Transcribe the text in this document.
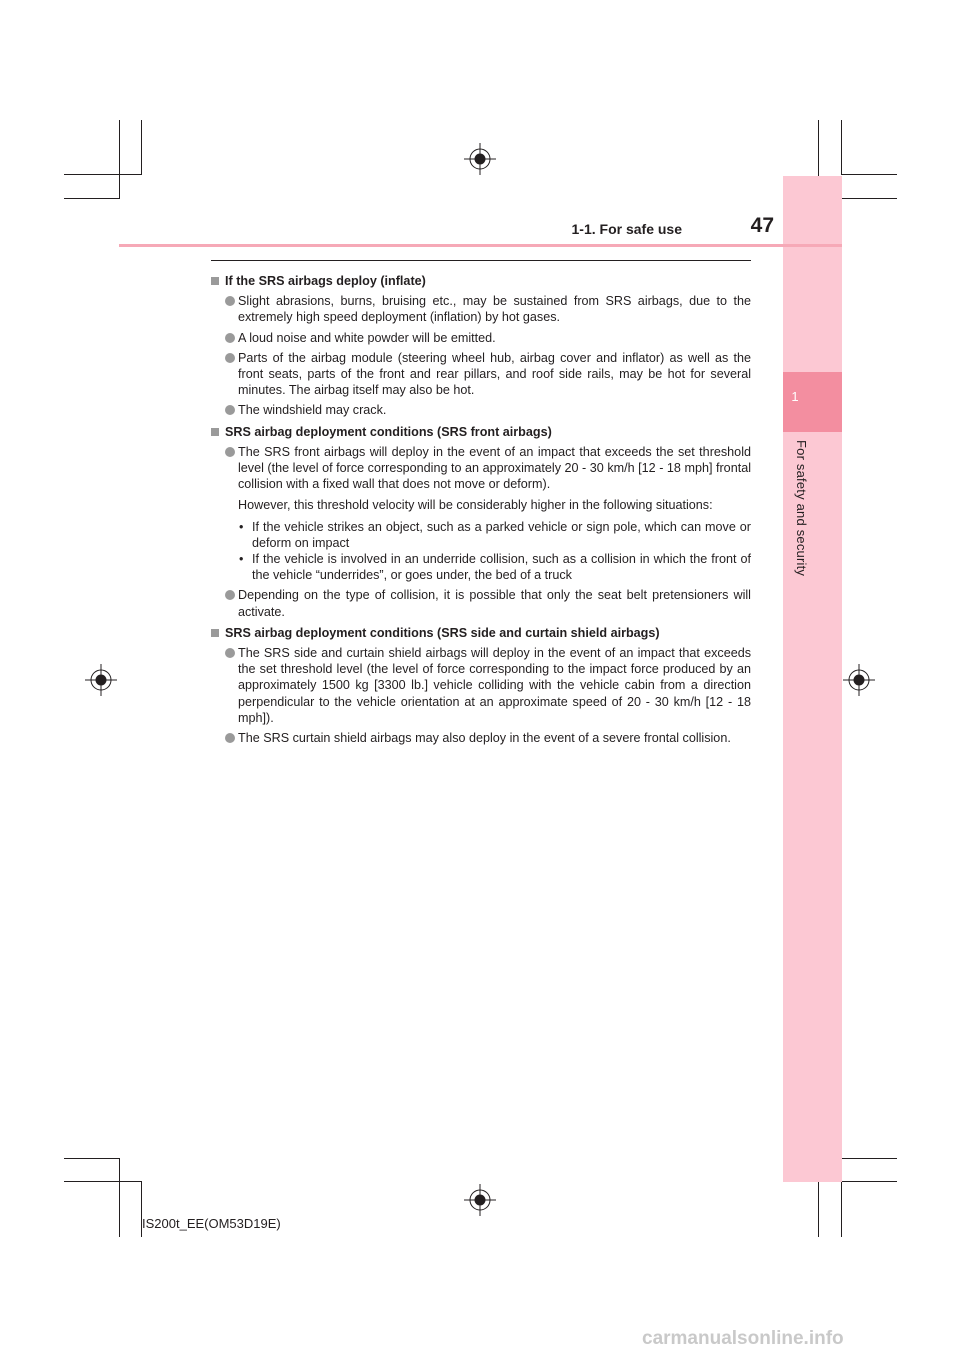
1
For safety and security
1-1. For safe use	47
If the SRS airbags deploy (inflate)
Slight abrasions, burns, bruising etc., may be sustained from SRS airbags, due to the extremely high speed deployment (inflation) by hot gases.
A loud noise and white powder will be emitted.
Parts of the airbag module (steering wheel hub, airbag cover and inflator) as well as the front seats, parts of the front and rear pillars, and roof side rails, may be hot for several minutes. The airbag itself may also be hot.
The windshield may crack.
SRS airbag deployment conditions (SRS front airbags)
The SRS front airbags will deploy in the event of an impact that exceeds the set threshold level (the level of force corresponding to an approximately 20 - 30 km/h [12 - 18 mph] frontal collision with a fixed wall that does not move or deform).
However, this threshold velocity will be considerably higher in the following situations:
• If the vehicle strikes an object, such as a parked vehicle or sign pole, which can move or deform on impact
• If the vehicle is involved in an underride collision, such as a collision in which the front of the vehicle “underrides”, or goes under, the bed of a truck
Depending on the type of collision, it is possible that only the seat belt pretensioners will activate.
SRS airbag deployment conditions (SRS side and curtain shield airbags)
The SRS side and curtain shield airbags will deploy in the event of an impact that exceeds the set threshold level (the level of force corresponding to the impact force produced by an approximately 1500 kg [3300 lb.] vehicle colliding with the vehicle cabin from a direction perpendicular to the vehicle orientation at an approximate speed of 20 - 30 km/h [12 - 18 mph]).
The SRS curtain shield airbags may also deploy in the event of a severe frontal collision.
IS200t_EE(OM53D19E)
carmanualsonline.info
